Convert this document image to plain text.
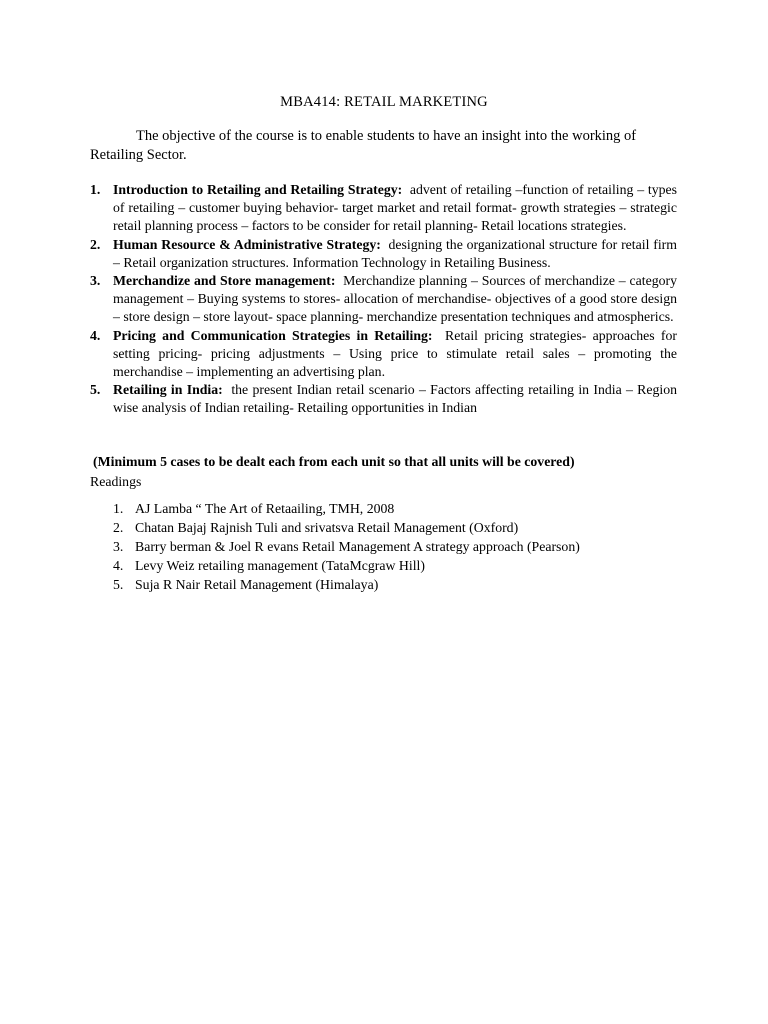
MBA414: RETAIL MARKETING
The objective of the course is to enable students to have an insight into the working of Retailing Sector.
1. Introduction to Retailing and Retailing Strategy: advent of retailing –function of retailing – types of retailing – customer buying behavior- target market and retail format- growth strategies – strategic retail planning process – factors to be consider for retail planning- Retail locations strategies.
2. Human Resource & Administrative Strategy: designing the organizational structure for retail firm – Retail organization structures. Information Technology in Retailing Business.
3. Merchandize and Store management: Merchandize planning – Sources of merchandize – category management – Buying systems to stores- allocation of merchandise- objectives of a good store design – store design – store layout- space planning- merchandize presentation techniques and atmospherics.
4. Pricing and Communication Strategies in Retailing: Retail pricing strategies- approaches for setting pricing- pricing adjustments – Using price to stimulate retail sales – promoting the merchandise – implementing an advertising plan.
5. Retailing in India: the present Indian retail scenario – Factors affecting retailing in India – Region wise analysis of Indian retailing- Retailing opportunities in Indian
(Minimum 5 cases to be dealt each from each unit so that all units will be covered)
Readings
1. AJ Lamba “ The Art of Retaailing, TMH, 2008
2. Chatan Bajaj Rajnish Tuli and srivatsva Retail Management (Oxford)
3. Barry berman & Joel R evans Retail Management A strategy approach (Pearson)
4. Levy Weiz retailing management (TataMcgraw Hill)
5. Suja R Nair Retail Management (Himalaya)
